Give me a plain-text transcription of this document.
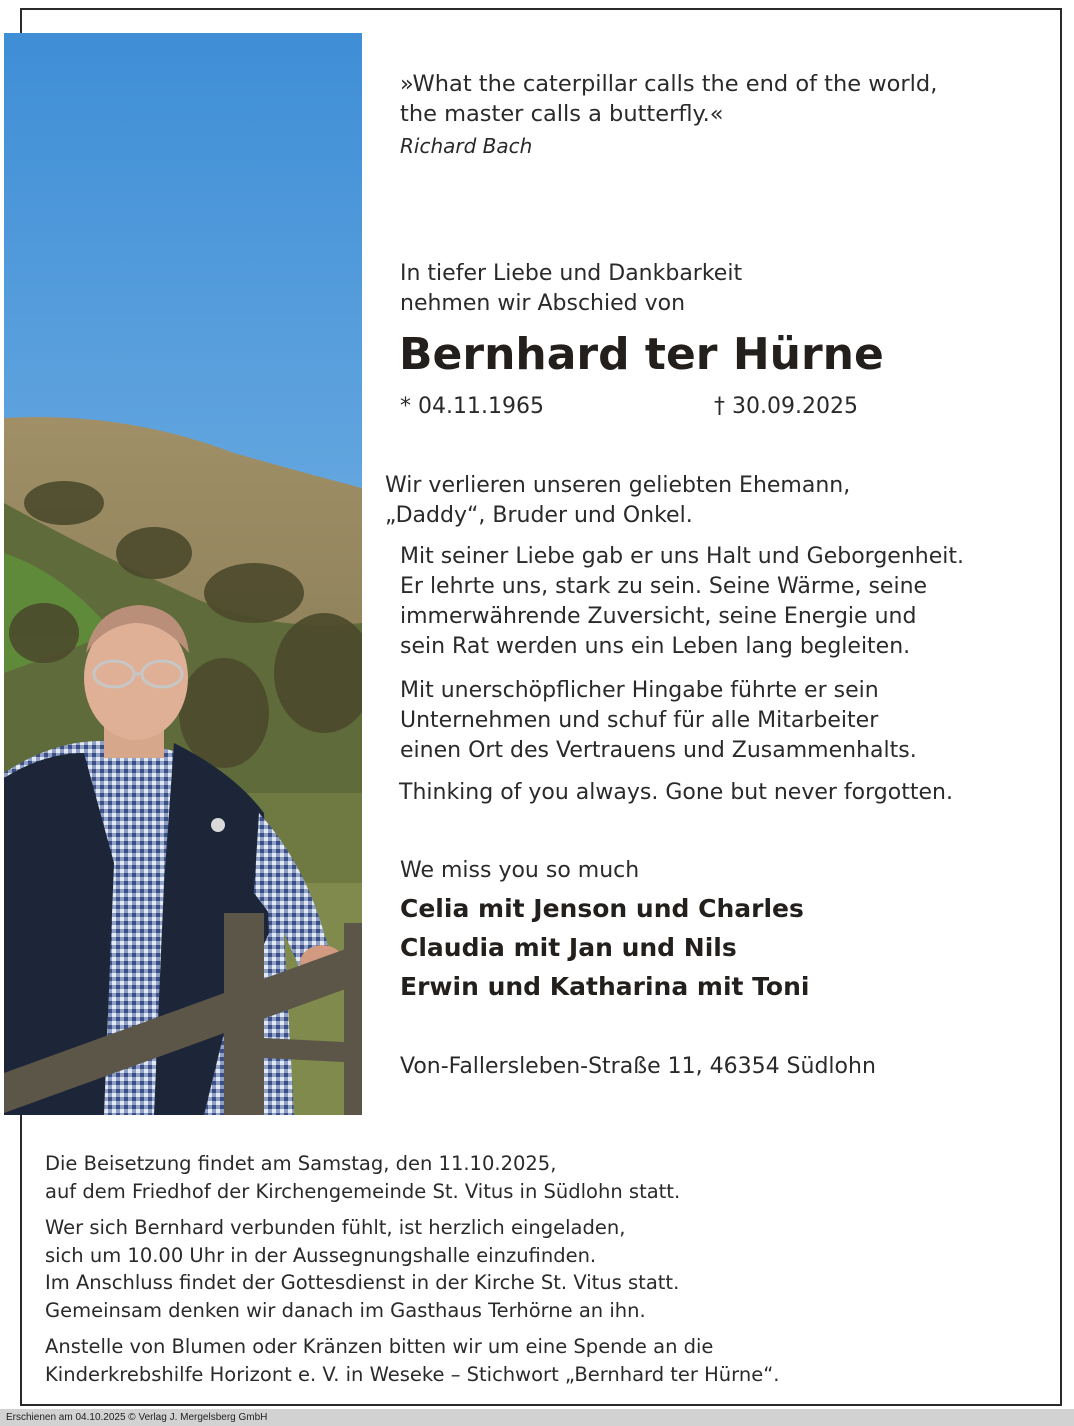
»What the caterpillar calls the end of the world,
the master calls a butterfly.«
Richard Bach
In tiefer Liebe und Dankbarkeit
nehmen wir Abschied von
Bernhard ter Hürne
* 04.11.1965	† 30.09.2025
Wir verlieren unseren geliebten Ehemann,
„Daddy“, Bruder und Onkel.
Mit seiner Liebe gab er uns Halt und Geborgenheit.
Er lehrte uns, stark zu sein. Seine Wärme, seine
immerwährende Zuversicht, seine Energie und
sein Rat werden uns ein Leben lang begleiten.
Mit unerschöpflicher Hingabe führte er sein
Unternehmen und schuf für alle Mitarbeiter
einen Ort des Vertrauens und Zusammenhalts.
Thinking of you always. Gone but never forgotten.
We miss you so much
Celia mit Jenson und Charles
Claudia mit Jan und Nils
Erwin und Katharina mit Toni
Von-Fallersleben-Straße 11, 46354 Südlohn
Die Beisetzung findet am Samstag, den 11.10.2025,
auf dem Friedhof der Kirchengemeinde St. Vitus in Südlohn statt.
Wer sich Bernhard verbunden fühlt, ist herzlich eingeladen,
sich um 10.00 Uhr in der Aussegnungshalle einzufinden.
Im Anschluss findet der Gottesdienst in der Kirche St. Vitus statt.
Gemeinsam denken wir danach im Gasthaus Terhörne an ihn.
Anstelle von Blumen oder Kränzen bitten wir um eine Spende an die
Kinderkrebshilfe Horizont e. V. in Weseke – Stichwort „Bernhard ter Hürne“.
Erschienen am 04.10.2025 © Verlag J. Mergelsberg GmbH
